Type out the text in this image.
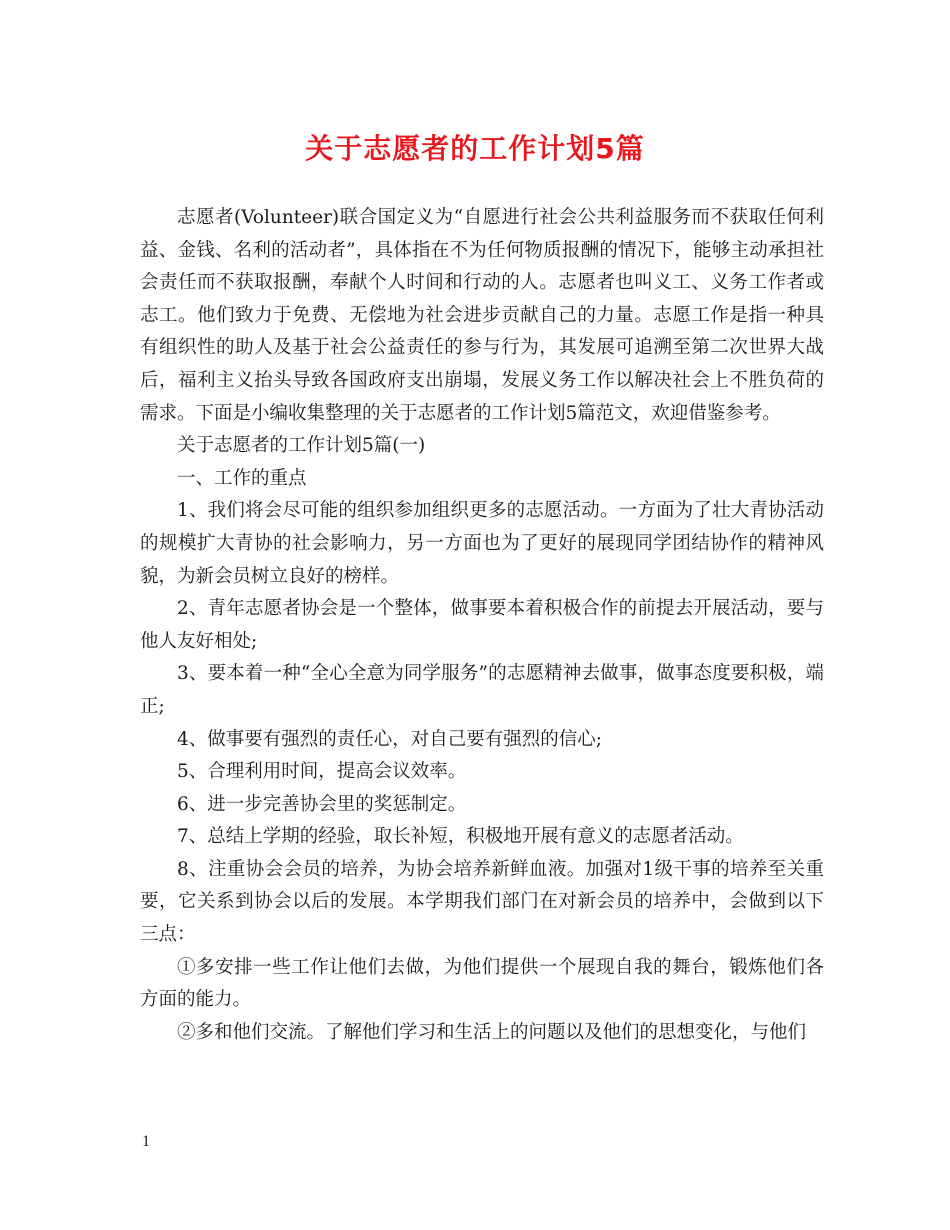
关于志愿者的工作计划5篇

志愿者(Volunteer)联合国定义为“自愿进行社会公共利益服务而不获取任何利益、金钱、名利的活动者”，具体指在不为任何物质报酬的情况下，能够主动承担社会责任而不获取报酬，奉献个人时间和行动的人。志愿者也叫义工、义务工作者或志工。他们致力于免费、无偿地为社会进步贡献自己的力量。志愿工作是指一种具有组织性的助人及基于社会公益责任的参与行为，其发展可追溯至第二次世界大战后，福利主义抬头导致各国政府支出崩塌，发展义务工作以解决社会上不胜负荷的需求。下面是小编收集整理的关于志愿者的工作计划5篇范文，欢迎借鉴参考。

关于志愿者的工作计划5篇(一)

一、工作的重点

1、我们将会尽可能的组织参加组织更多的志愿活动。一方面为了壮大青协活动的规模扩大青协的社会影响力，另一方面也为了更好的展现同学团结协作的精神风貌，为新会员树立良好的榜样。

2、青年志愿者协会是一个整体，做事要本着积极合作的前提去开展活动，要与他人友好相处;

3、要本着一种“全心全意为同学服务”的志愿精神去做事，做事态度要积极，端正;

4、做事要有强烈的责任心，对自己要有强烈的信心;

5、合理利用时间，提高会议效率。

6、进一步完善协会里的奖惩制定。

7、总结上学期的经验，取长补短，积极地开展有意义的志愿者活动。

8、注重协会会员的培养，为协会培养新鲜血液。加强对1级干事的培养至关重要，它关系到协会以后的发展。本学期我们部门在对新会员的培养中，会做到以下三点：

①多安排一些工作让他们去做，为他们提供一个展现自我的舞台，锻炼他们各方面的能力。

②多和他们交流。了解他们学习和生活上的问题以及他们的思想变化，与他们

1
